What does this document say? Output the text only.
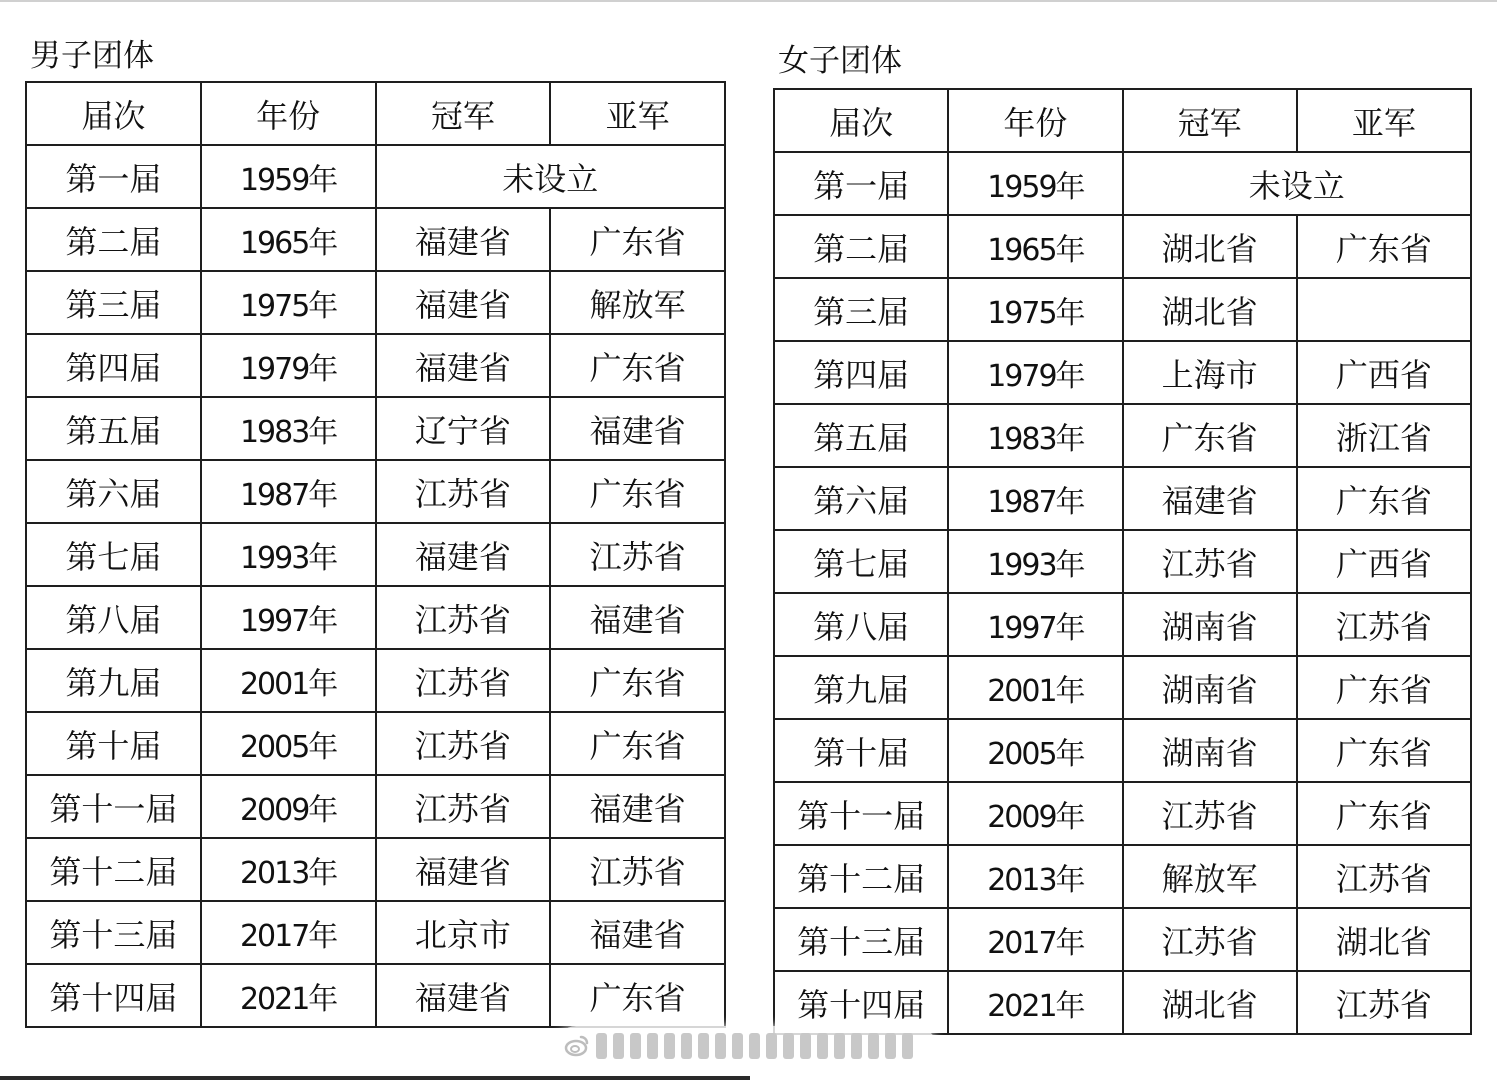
男子团体
届次	年份	冠军	亚军
第一届	1959年	未设立	
第二届	1965年	福建省	广东省
第三届	1975年	福建省	解放军
第四届	1979年	福建省	广东省
第五届	1983年	辽宁省	福建省
第六届	1987年	江苏省	广东省
第七届	1993年	福建省	江苏省
第八届	1997年	江苏省	福建省
第九届	2001年	江苏省	广东省
第十届	2005年	江苏省	广东省
第十一届	2009年	江苏省	福建省
第十二届	2013年	福建省	江苏省
第十三届	2017年	北京市	福建省
第十四届	2021年	福建省	广东省
女子团体
届次	年份	冠军	亚军
第一届	1959年	未设立	
第二届	1965年	湖北省	广东省
第三届	1975年	湖北省	
第四届	1979年	上海市	广西省
第五届	1983年	广东省	浙江省
第六届	1987年	福建省	广东省
第七届	1993年	江苏省	广西省
第八届	1997年	湖南省	江苏省
第九届	2001年	湖南省	广东省
第十届	2005年	湖南省	广东省
第十一届	2009年	江苏省	广东省
第十二届	2013年	解放军	江苏省
第十三届	2017年	江苏省	湖北省
第十四届	2021年	湖北省	江苏省
